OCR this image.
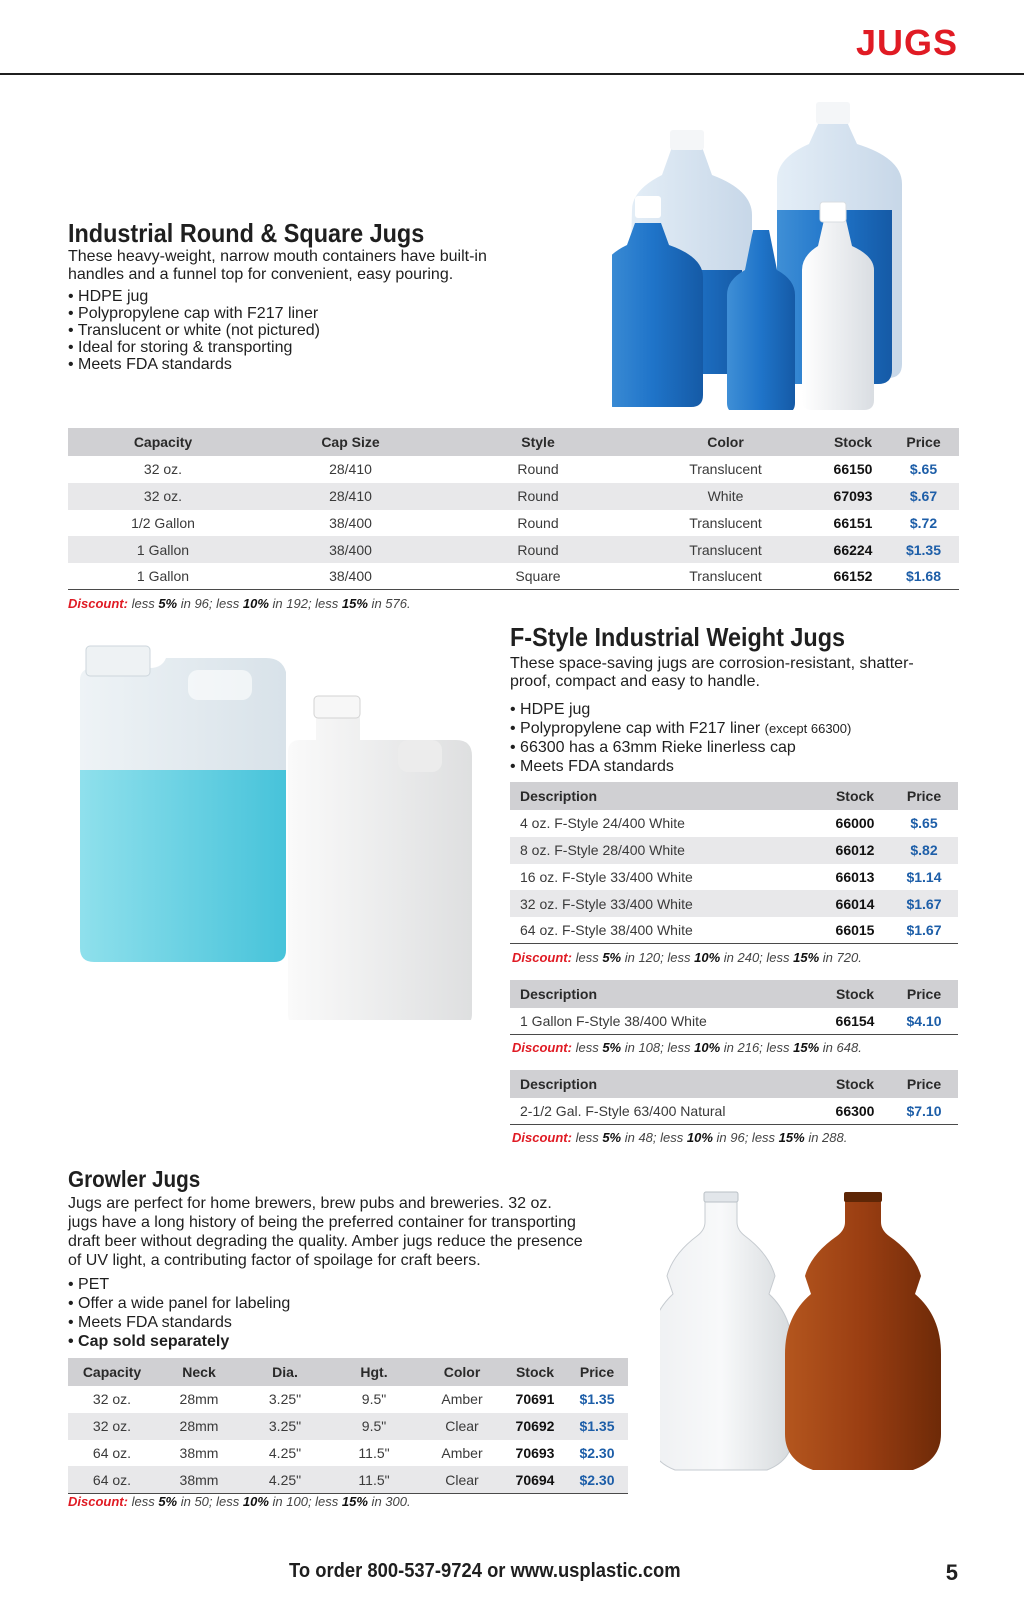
JUGS
Industrial Round & Square Jugs
These heavy-weight, narrow mouth containers have built-in
handles and a funnel top for convenient, easy pouring.
• HDPE jug
• Polypropylene cap with F217 liner
• Translucent or white (not pictured)
• Ideal for storing & transporting
• Meets FDA standards
Capacity	Cap Size	Style	Color	Stock	Price
32 oz.	28/410	Round	Translucent	66150	$.65
32 oz.	28/410	Round	White	67093	$.67
1/2 Gallon	38/400	Round	Translucent	66151	$.72
1 Gallon	38/400	Round	Translucent	66224	$1.35
1 Gallon	38/400	Square	Translucent	66152	$1.68
Discount: less 5% in 96; less 10% in 192; less 15% in 576.
F-Style Industrial Weight Jugs
These space-saving jugs are corrosion-resistant, shatter-
proof, compact and easy to handle.
• HDPE jug
• Polypropylene cap with F217 liner (except 66300)
• 66300 has a 63mm Rieke linerless cap
• Meets FDA standards
Description	Stock	Price
4 oz. F-Style 24/400 White	66000	$.65
8 oz. F-Style 28/400 White	66012	$.82
16 oz. F-Style 33/400 White	66013	$1.14
32 oz. F-Style 33/400 White	66014	$1.67
64 oz. F-Style 38/400 White	66015	$1.67
Discount: less 5% in 120; less 10% in 240; less 15% in 720.
Description	Stock	Price
1 Gallon F-Style 38/400 White	66154	$4.10
Discount: less 5% in 108; less 10% in 216; less 15% in 648.
Description	Stock	Price
2-1/2 Gal. F-Style 63/400 Natural	66300	$7.10
Discount: less 5% in 48; less 10% in 96; less 15% in 288.
Growler Jugs
Jugs are perfect for home brewers, brew pubs and breweries. 32 oz.
jugs have a long history of being the preferred container for transporting
draft beer without degrading the quality. Amber jugs reduce the presence
of UV light, a contributing factor of spoilage for craft beers.
• PET
• Offer a wide panel for labeling
• Meets FDA standards
• Cap sold separately
Capacity	Neck	Dia.	Hgt.	Color	Stock	Price
32 oz.	28mm	3.25"	9.5"	Amber	70691	$1.35
32 oz.	28mm	3.25"	9.5"	Clear	70692	$1.35
64 oz.	38mm	4.25"	11.5"	Amber	70693	$2.30
64 oz.	38mm	4.25"	11.5"	Clear	70694	$2.30
Discount: less 5% in 50; less 10% in 100; less 15% in 300.
To order 800-537-9724 or www.usplastic.com	5
